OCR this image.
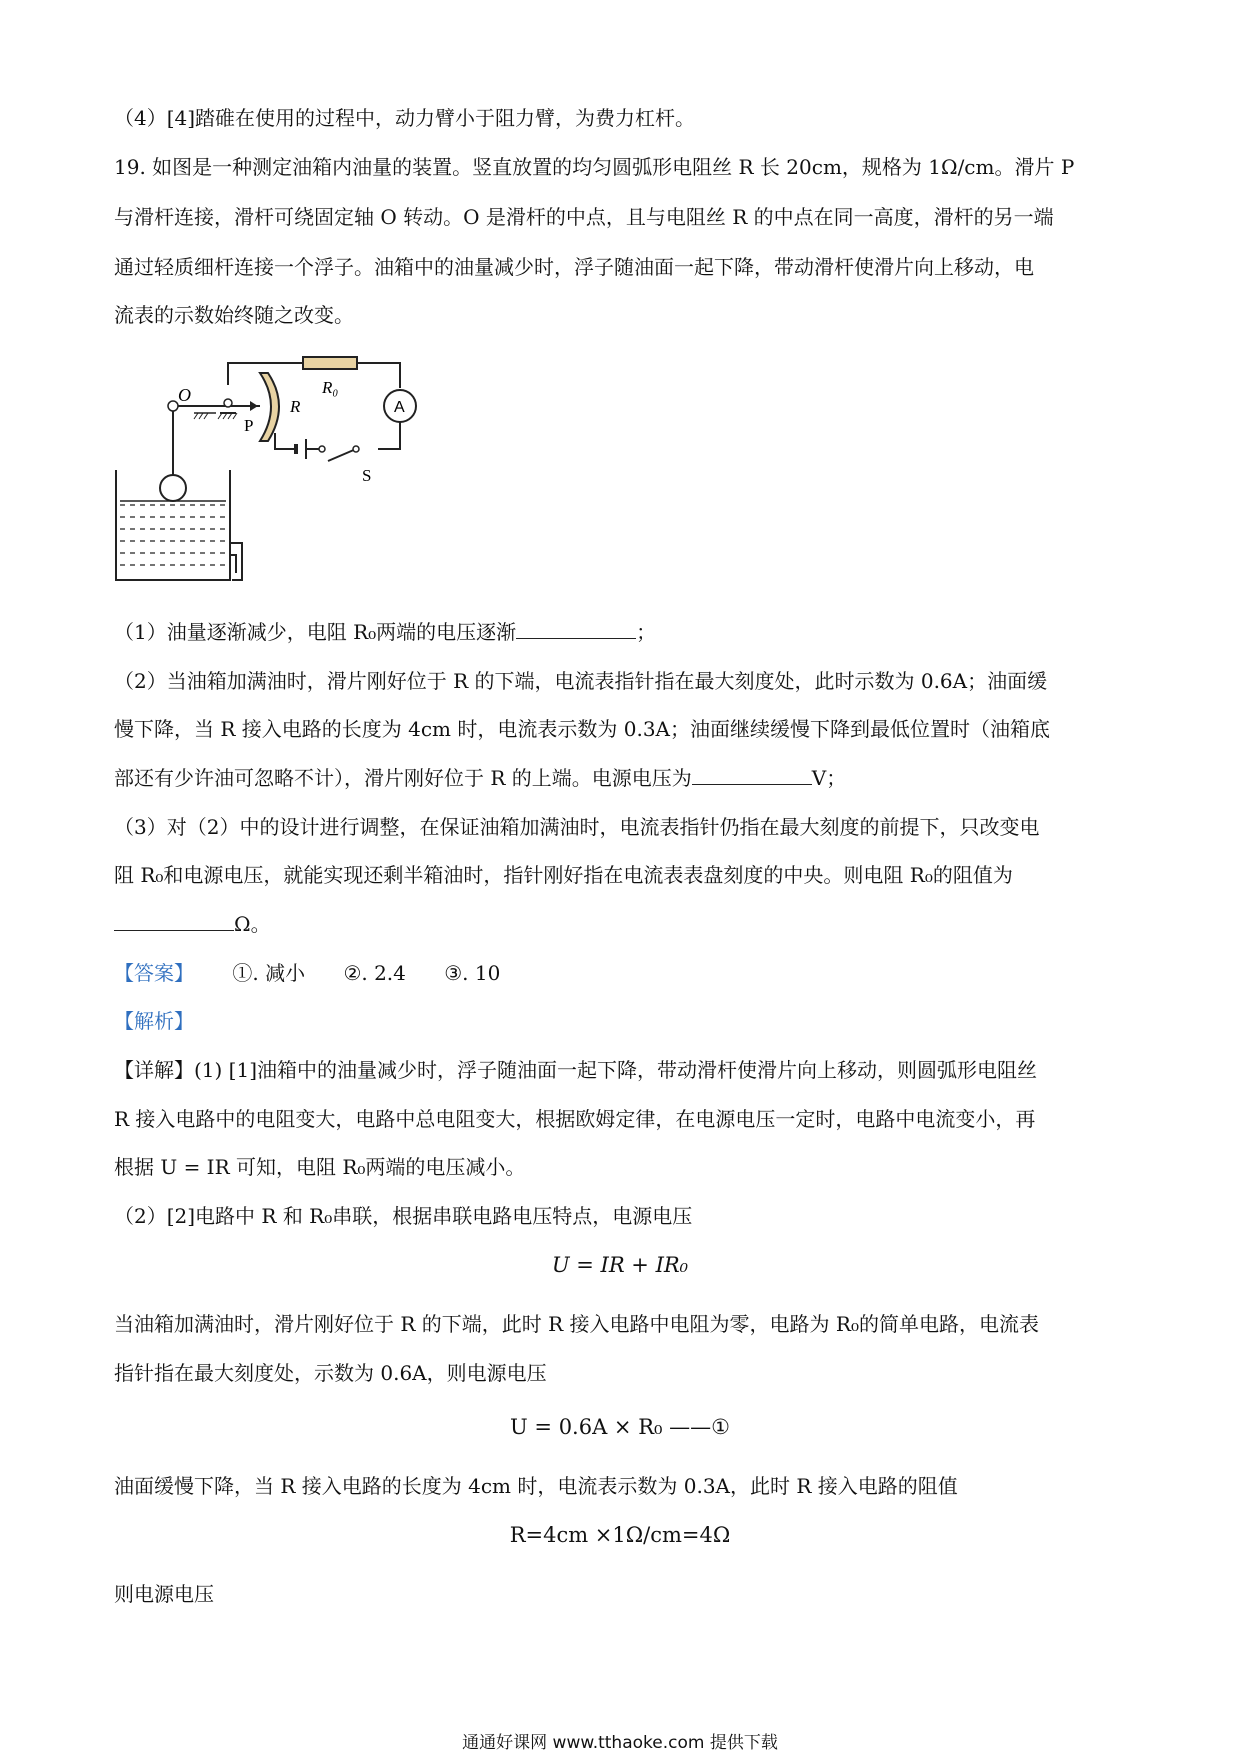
（4）[4]踏碓在使用的过程中，动力臂小于阻力臂，为费力杠杆。
19. 如图是一种测定油箱内油量的装置。竖直放置的均匀圆弧形电阻丝 R 长 20cm，规格为 1Ω/cm。滑片 P
与滑杆连接，滑杆可绕固定轴 O 转动。O 是滑杆的中点，且与电阻丝 R 的中点在同一高度，滑杆的另一端
通过轻质细杆连接一个浮子。油箱中的油量减少时，浮子随油面一起下降，带动滑杆使滑片向上移动，电
流表的示数始终随之改变。
O
P
R
R₀
A
S
（1）油量逐渐减少，电阻 R₀两端的电压逐渐	；
（2）当油箱加满油时，滑片刚好位于 R 的下端，电流表指针指在最大刻度处，此时示数为 0.6A；油面缓
慢下降，当 R 接入电路的长度为 4cm 时，电流表示数为 0.3A；油面继续缓慢下降到最低位置时（油箱底
部还有少许油可忽略不计），滑片刚好位于 R 的上端。电源电压为	V；
（3）对（2）中的设计进行调整，在保证油箱加满油时，电流表指针仍指在最大刻度的前提下，只改变电
阻 R₀和电源电压，就能实现还剩半箱油时，指针刚好指在电流表表盘刻度的中央。则电阻 R₀的阻值为
Ω。
【答案】 ①. 减小 ②. 2.4 ③. 10
【解析】
【详解】(1) [1]油箱中的油量减少时，浮子随油面一起下降，带动滑杆使滑片向上移动，则圆弧形电阻丝
R 接入电路中的电阻变大，电路中总电阻变大，根据欧姆定律，在电源电压一定时，电路中电流变小，再
根据 U = IR 可知，电阻 R₀两端的电压减小。
（2）[2]电路中 R 和 R₀串联，根据串联电路电压特点，电源电压
U = IR + IR₀
当油箱加满油时，滑片刚好位于 R 的下端，此时 R 接入电路中电阻为零，电路为 R₀的简单电路，电流表
指针指在最大刻度处，示数为 0.6A，则电源电压
U = 0.6A × R₀ ——①
油面缓慢下降，当 R 接入电路的长度为 4cm 时，电流表示数为 0.3A，此时 R 接入电路的阻值
R=4cm ×1Ω/cm=4Ω
则电源电压
通通好课网 www.tthaoke.com 提供下载
